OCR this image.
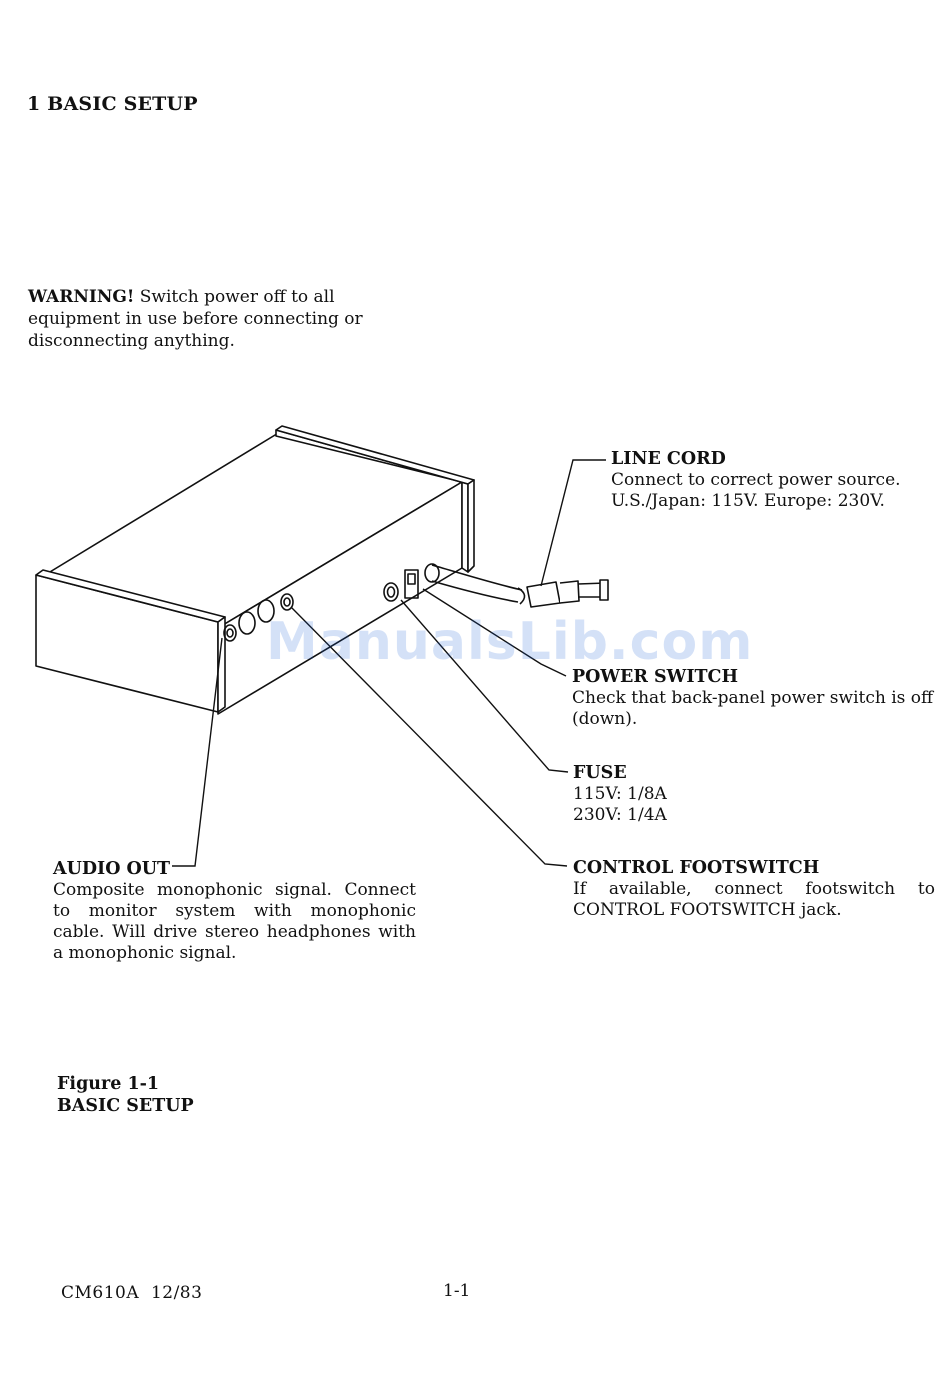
1 BASIC SETUP
WARNING! Switch power off to all equipment in use before connecting or disconnecting anything.
ManualsLib.com
LINE CORD
Connect to correct power source.
U.S./Japan: 115V. Europe: 230V.
POWER SWITCH
Check that back-panel power switch is off (down).
FUSE
115V: 1/8A
230V: 1/4A
CONTROL FOOTSWITCH
If available, connect footswitch to CONTROL FOOTSWITCH jack.
AUDIO OUT
Composite monophonic signal. Connect to monitor system with monophonic cable. Will drive stereo headphones with a monophonic signal.
Figure 1-1
BASIC SETUP
CM610A  12/83	1-1
